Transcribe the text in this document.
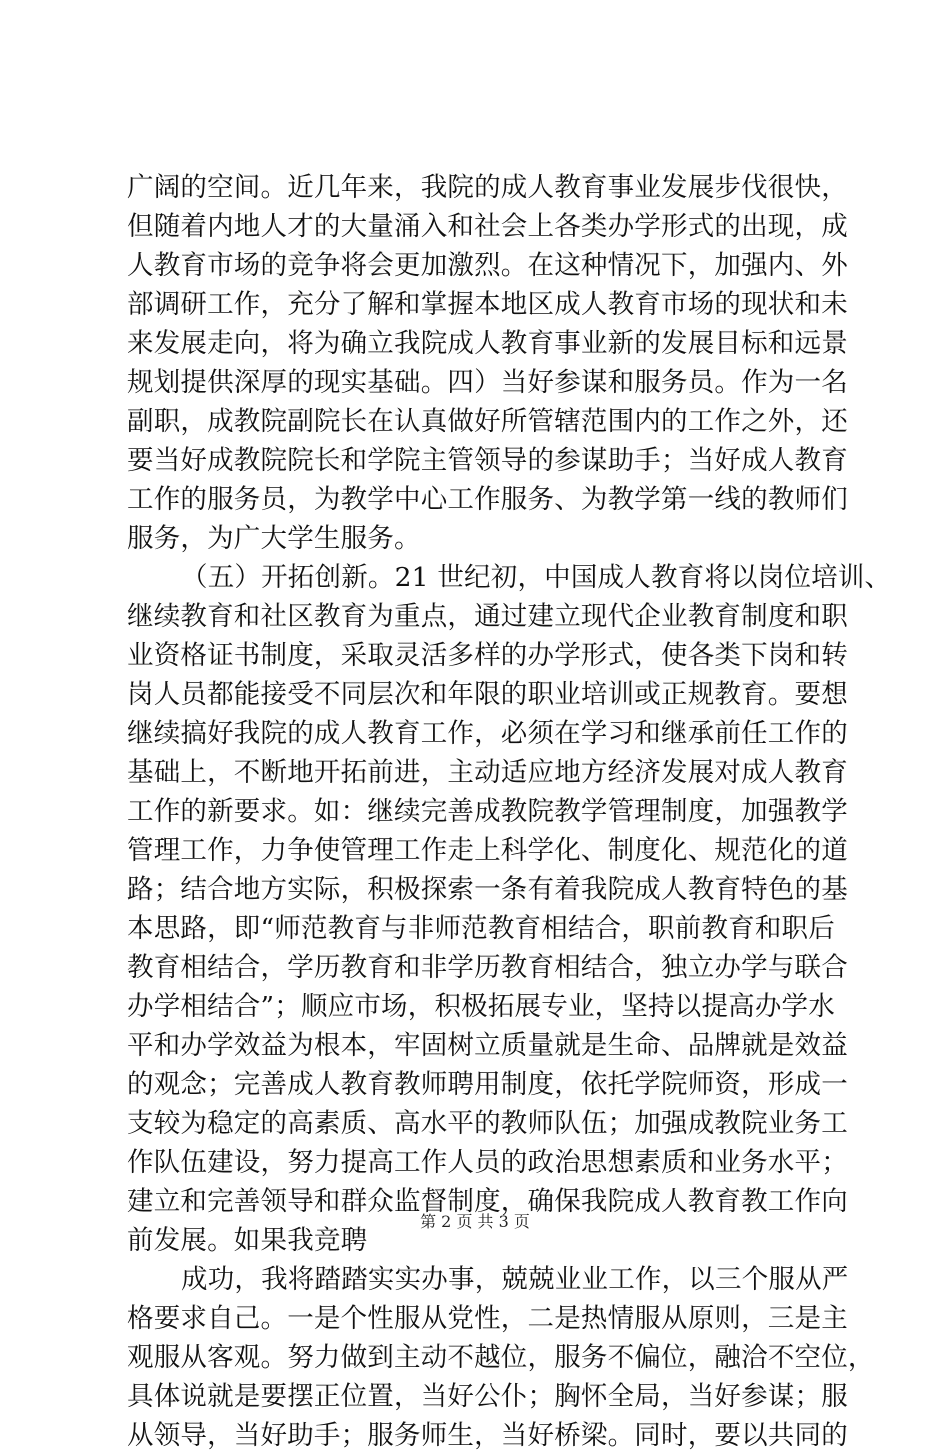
广阔的空间。近几年来，我院的成人教育事业发展步伐很快，
但随着内地人才的大量涌入和社会上各类办学形式的出现，成
人教育市场的竞争将会更加激烈。在这种情况下，加强内、外
部调研工作，充分了解和掌握本地区成人教育市场的现状和未
来发展走向，将为确立我院成人教育事业新的发展目标和远景
规划提供深厚的现实基础。四）当好参谋和服务员。作为一名
副职，成教院副院长在认真做好所管辖范围内的工作之外，还
要当好成教院院长和学院主管领导的参谋助手；当好成人教育
工作的服务员，为教学中心工作服务、为教学第一线的教师们
服务，为广大学生服务。
（五）开拓创新。21 世纪初，中国成人教育将以岗位培训、
继续教育和社区教育为重点，通过建立现代企业教育制度和职
业资格证书制度，采取灵活多样的办学形式，使各类下岗和转
岗人员都能接受不同层次和年限的职业培训或正规教育。要想
继续搞好我院的成人教育工作，必须在学习和继承前任工作的
基础上，不断地开拓前进，主动适应地方经济发展对成人教育
工作的新要求。如：继续完善成教院教学管理制度，加强教学
管理工作，力争使管理工作走上科学化、制度化、规范化的道
路；结合地方实际，积极探索一条有着我院成人教育特色的基
本思路，即“师范教育与非师范教育相结合，职前教育和职后
教育相结合，学历教育和非学历教育相结合，独立办学与联合
办学相结合”；顺应市场，积极拓展专业，坚持以提高办学水
平和办学效益为根本，牢固树立质量就是生命、品牌就是效益
的观念；完善成人教育教师聘用制度，依托学院师资，形成一
支较为稳定的高素质、高水平的教师队伍；加强成教院业务工
作队伍建设，努力提高工作人员的政治思想素质和业务水平；
建立和完善领导和群众监督制度，确保我院成人教育教工作向
前发展。如果我竞聘
成功，我将踏踏实实办事，兢兢业业工作，以三个服从严
格要求自己。一是个性服从党性，二是热情服从原则，三是主
观服从客观。努力做到主动不越位，服务不偏位，融洽不空位，
具体说就是要摆正位置，当好公仆；胸怀全局，当好参谋；服
从领导，当好助手；服务师生，当好桥梁。同时，要以共同的
第 2 页 共 3 页
